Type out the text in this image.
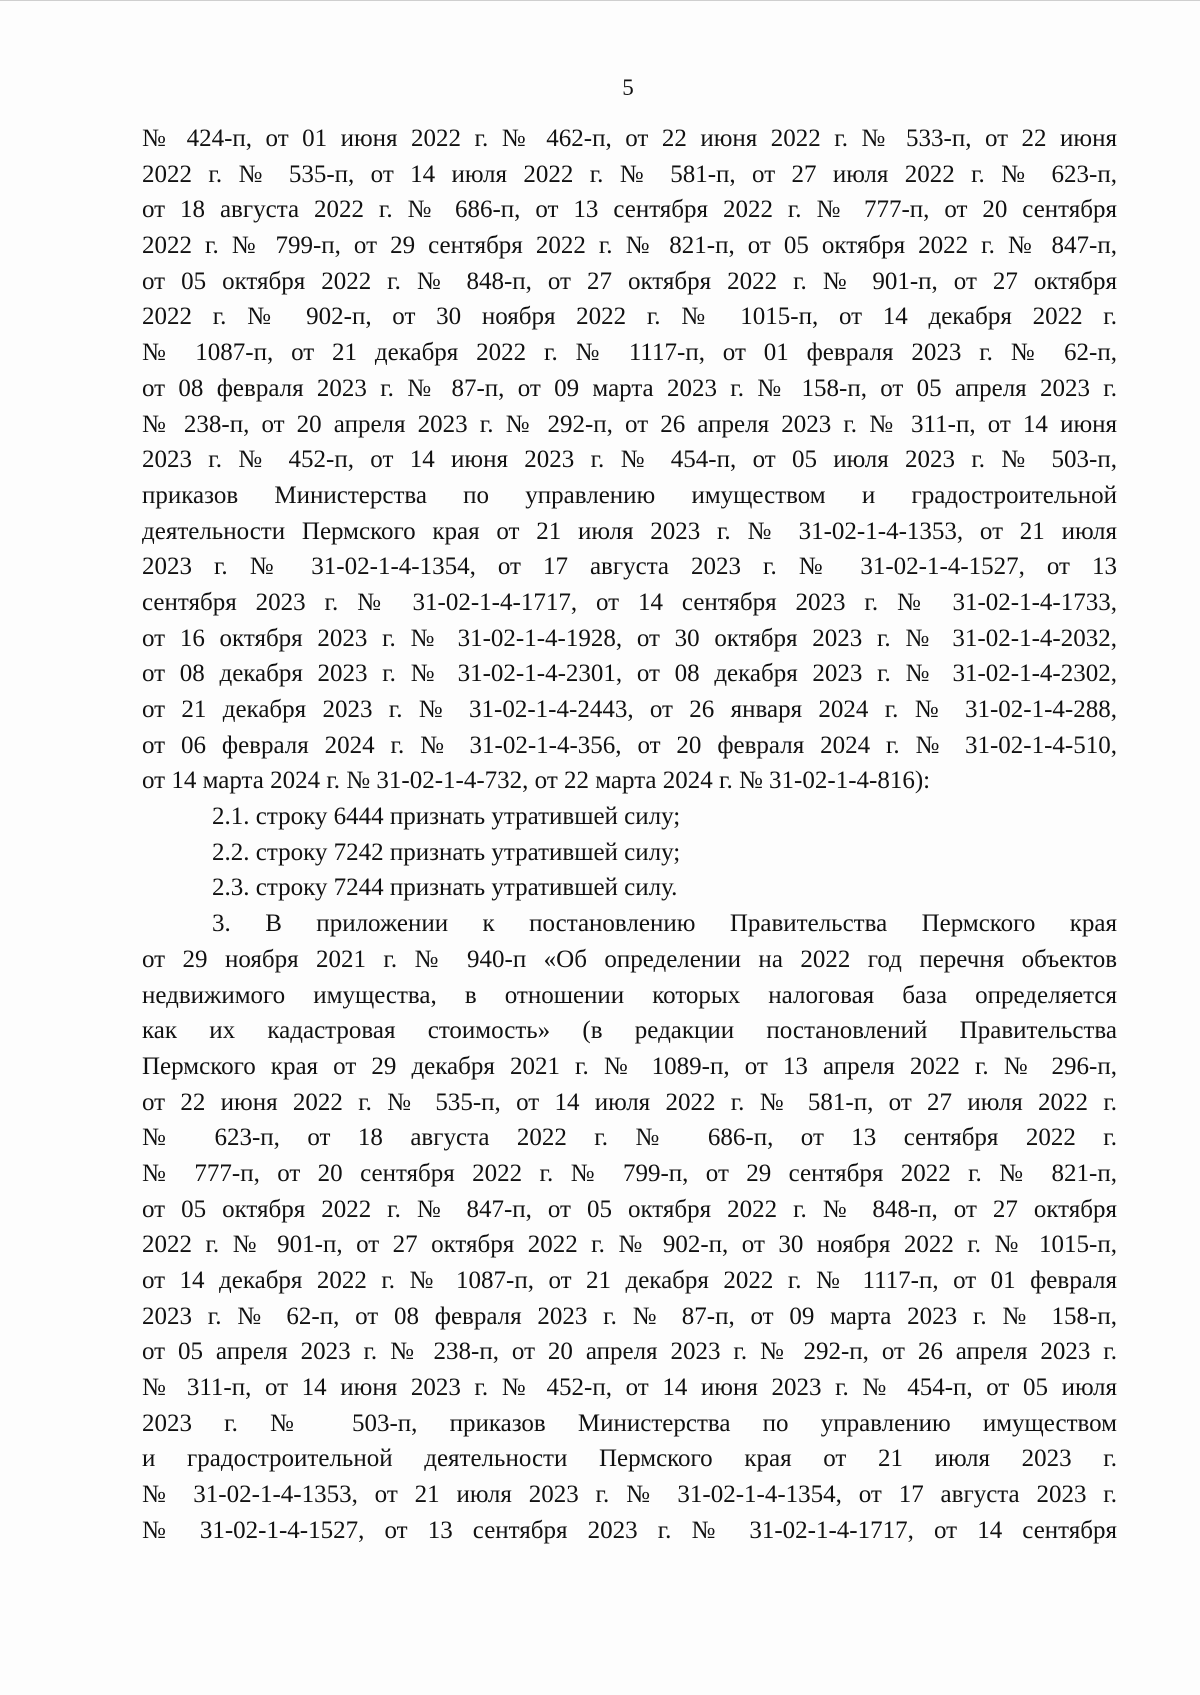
5
№ 424-п, от 01 июня 2022 г. № 462-п, от 22 июня 2022 г. № 533-п, от 22 июня
2022 г. № 535-п, от 14 июля 2022 г. № 581-п, от 27 июля 2022 г. № 623-п,
от 18 августа 2022 г. № 686-п, от 13 сентября 2022 г. № 777-п, от 20 сентября
2022 г. № 799-п, от 29 сентября 2022 г. № 821-п, от 05 октября 2022 г. № 847-п,
от 05 октября 2022 г. № 848-п, от 27 октября 2022 г. № 901-п, от 27 октября
2022 г. № 902-п, от 30 ноября 2022 г. № 1015-п, от 14 декабря 2022 г.
№ 1087-п, от 21 декабря 2022 г. № 1117-п, от 01 февраля 2023 г. № 62-п,
от 08 февраля 2023 г. № 87-п, от 09 марта 2023 г. № 158-п, от 05 апреля 2023 г.
№ 238-п, от 20 апреля 2023 г. № 292-п, от 26 апреля 2023 г. № 311-п, от 14 июня
2023 г. № 452-п, от 14 июня 2023 г. № 454-п, от 05 июля 2023 г. № 503-п,
приказов Министерства по управлению имуществом и градостроительной
деятельности Пермского края от 21 июля 2023 г. № 31-02-1-4-1353, от 21 июля
2023 г. № 31-02-1-4-1354, от 17 августа 2023 г. № 31-02-1-4-1527, от 13
сентября 2023 г. № 31-02-1-4-1717, от 14 сентября 2023 г. № 31-02-1-4-1733,
от 16 октября 2023 г. № 31-02-1-4-1928, от 30 октября 2023 г. № 31-02-1-4-2032,
от 08 декабря 2023 г. № 31-02-1-4-2301, от 08 декабря 2023 г. № 31-02-1-4-2302,
от 21 декабря 2023 г. № 31-02-1-4-2443, от 26 января 2024 г. № 31-02-1-4-288,
от 06 февраля 2024 г. № 31-02-1-4-356, от 20 февраля 2024 г. № 31-02-1-4-510,
от 14 марта 2024 г. № 31-02-1-4-732, от 22 марта 2024 г. № 31-02-1-4-816):
2.1. строку 6444 признать утратившей силу;
2.2. строку 7242 признать утратившей силу;
2.3. строку 7244 признать утратившей силу.
3. В приложении к постановлению Правительства Пермского края
от 29 ноября 2021 г. № 940-п «Об определении на 2022 год перечня объектов
недвижимого имущества, в отношении которых налоговая база определяется
как их кадастровая стоимость» (в редакции постановлений Правительства
Пермского края от 29 декабря 2021 г. № 1089-п, от 13 апреля 2022 г. № 296-п,
от 22 июня 2022 г. № 535-п, от 14 июля 2022 г. № 581-п, от 27 июля 2022 г.
№ 623-п, от 18 августа 2022 г. № 686-п, от 13 сентября 2022 г.
№ 777-п, от 20 сентября 2022 г. № 799-п, от 29 сентября 2022 г. № 821-п,
от 05 октября 2022 г. № 847-п, от 05 октября 2022 г. № 848-п, от 27 октября
2022 г. № 901-п, от 27 октября 2022 г. № 902-п, от 30 ноября 2022 г. № 1015-п,
от 14 декабря 2022 г. № 1087-п, от 21 декабря 2022 г. № 1117-п, от 01 февраля
2023 г. № 62-п, от 08 февраля 2023 г. № 87-п, от 09 марта 2023 г. № 158-п,
от 05 апреля 2023 г. № 238-п, от 20 апреля 2023 г. № 292-п, от 26 апреля 2023 г.
№ 311-п, от 14 июня 2023 г. № 452-п, от 14 июня 2023 г. № 454-п, от 05 июля
2023 г. № 503-п, приказов Министерства по управлению имуществом
и градостроительной деятельности Пермского края от 21 июля 2023 г.
№ 31-02-1-4-1353, от 21 июля 2023 г. № 31-02-1-4-1354, от 17 августа 2023 г.
№ 31-02-1-4-1527, от 13 сентября 2023 г. № 31-02-1-4-1717, от 14 сентября
